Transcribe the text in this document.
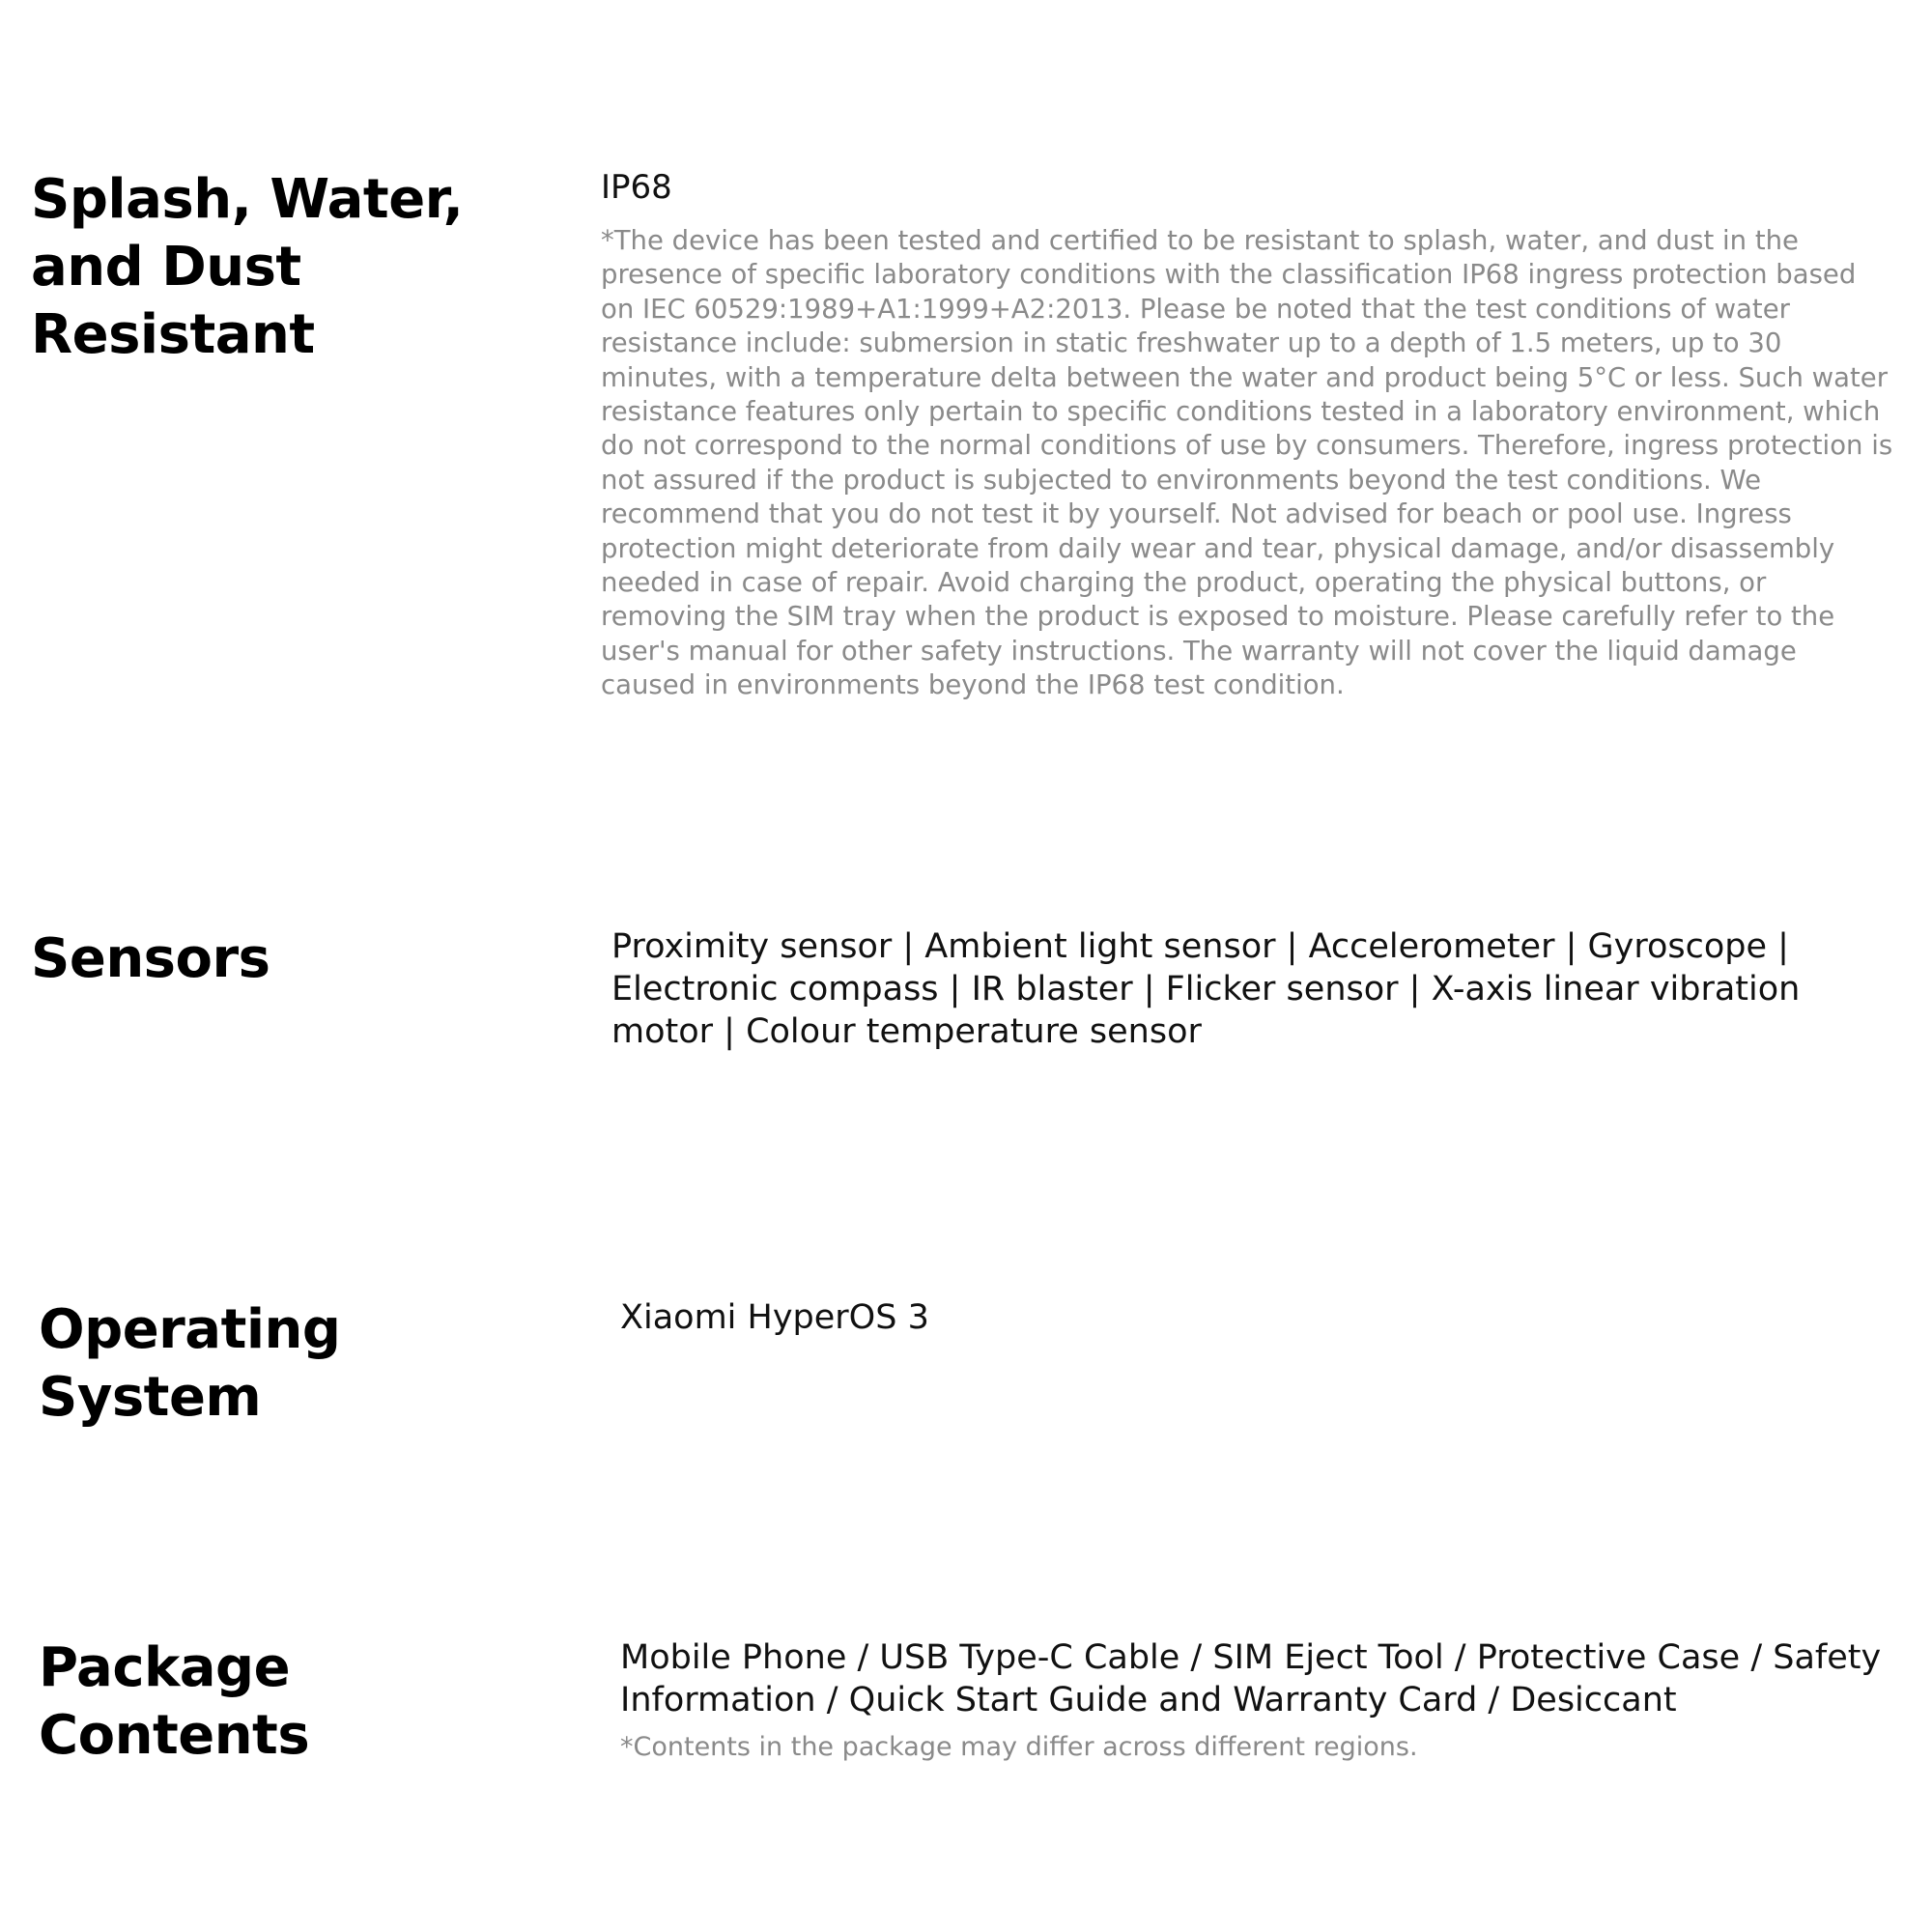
Splash, Water,
and Dust
Resistant

IP68

*The device has been tested and certified to be resistant to splash, water, and dust in the presence of specific laboratory conditions with the classification IP68 ingress protection based on IEC 60529:1989+A1:1999+A2:2013. Please be noted that the test conditions of water resistance include: submersion in static freshwater up to a depth of 1.5 meters, up to 30 minutes, with a temperature delta between the water and product being 5°C or less. Such water resistance features only pertain to specific conditions tested in a laboratory environment, which do not correspond to the normal conditions of use by consumers. Therefore, ingress protection is not assured if the product is subjected to environments beyond the test conditions. We recommend that you do not test it by yourself. Not advised for beach or pool use. Ingress protection might deteriorate from daily wear and tear, physical damage, and/or disassembly needed in case of repair. Avoid charging the product, operating the physical buttons, or removing the SIM tray when the product is exposed to moisture. Please carefully refer to the user's manual for other safety instructions. The warranty will not cover the liquid damage caused in environments beyond the IP68 test condition.

Sensors	Proximity sensor | Ambient light sensor | Accelerometer | Gyroscope | Electronic compass | IR blaster | Flicker sensor | X-axis linear vibration motor | Colour temperature sensor

Operating
System

Xiaomi HyperOS 3

Package
Contents

Mobile Phone / USB Type-C Cable / SIM Eject Tool / Protective Case / Safety Information / Quick Start Guide and Warranty Card / Desiccant

*Contents in the package may differ across different regions.
